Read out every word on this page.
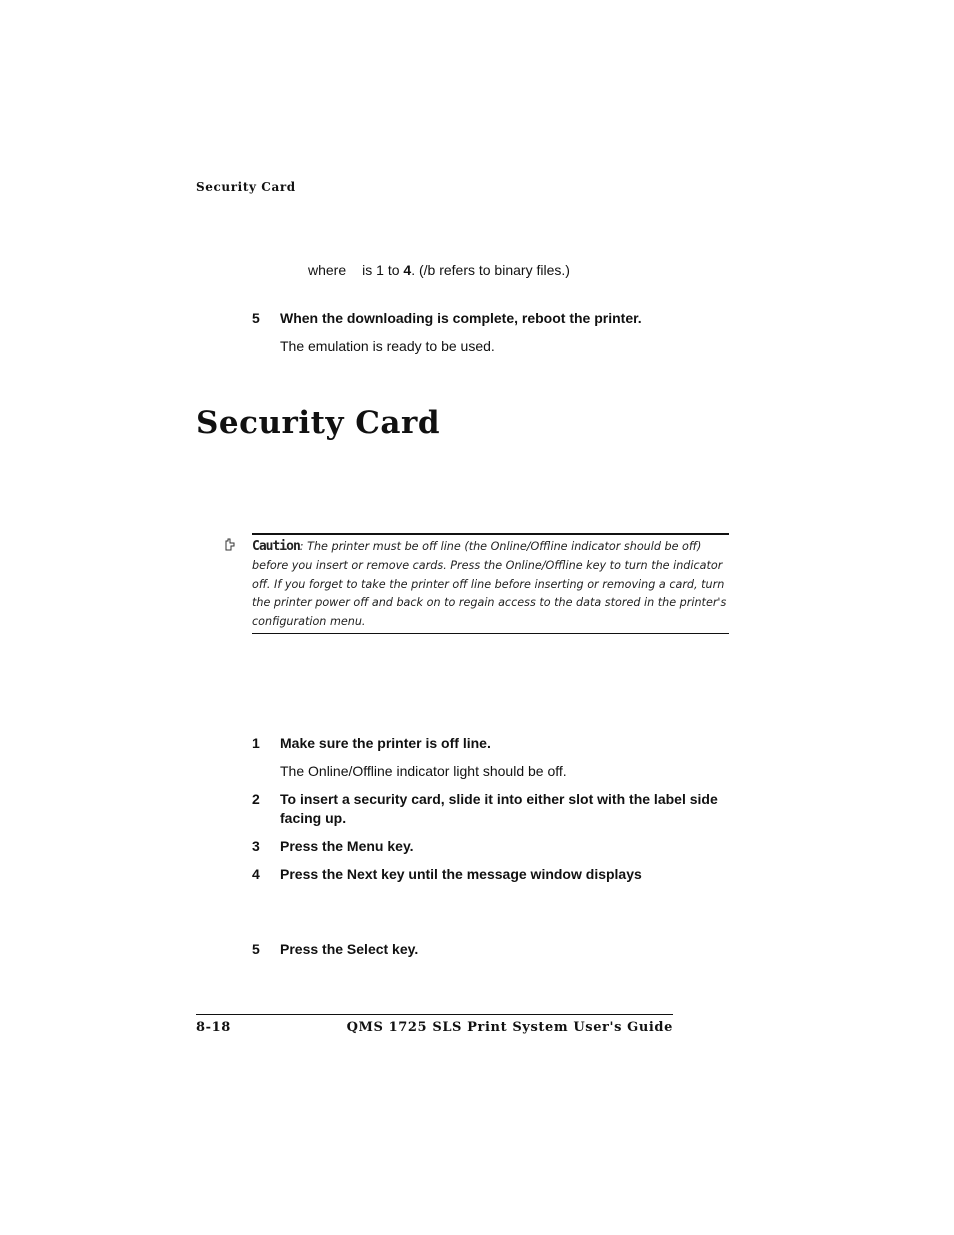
Security Card
where is 1 to 4. (/b refers to binary files.)
5 When the downloading is complete, reboot the printer.
The emulation is ready to be used.
Security Card
Caution: The printer must be off line (the Online/Offline indicator should be off) before you insert or remove cards. Press the Online/Offline key to turn the indicator off. If you forget to take the printer off line before inserting or removing a card, turn the printer power off and back on to regain access to the data stored in the printer's configuration menu.
1 Make sure the printer is off line.
The Online/Offline indicator light should be off.
2 To insert a security card, slide it into either slot with the label side facing up.
3 Press the Menu key.
4 Press the Next key until the message window displays
5 Press the Select key.
8-18	QMS 1725 SLS Print System User's Guide
